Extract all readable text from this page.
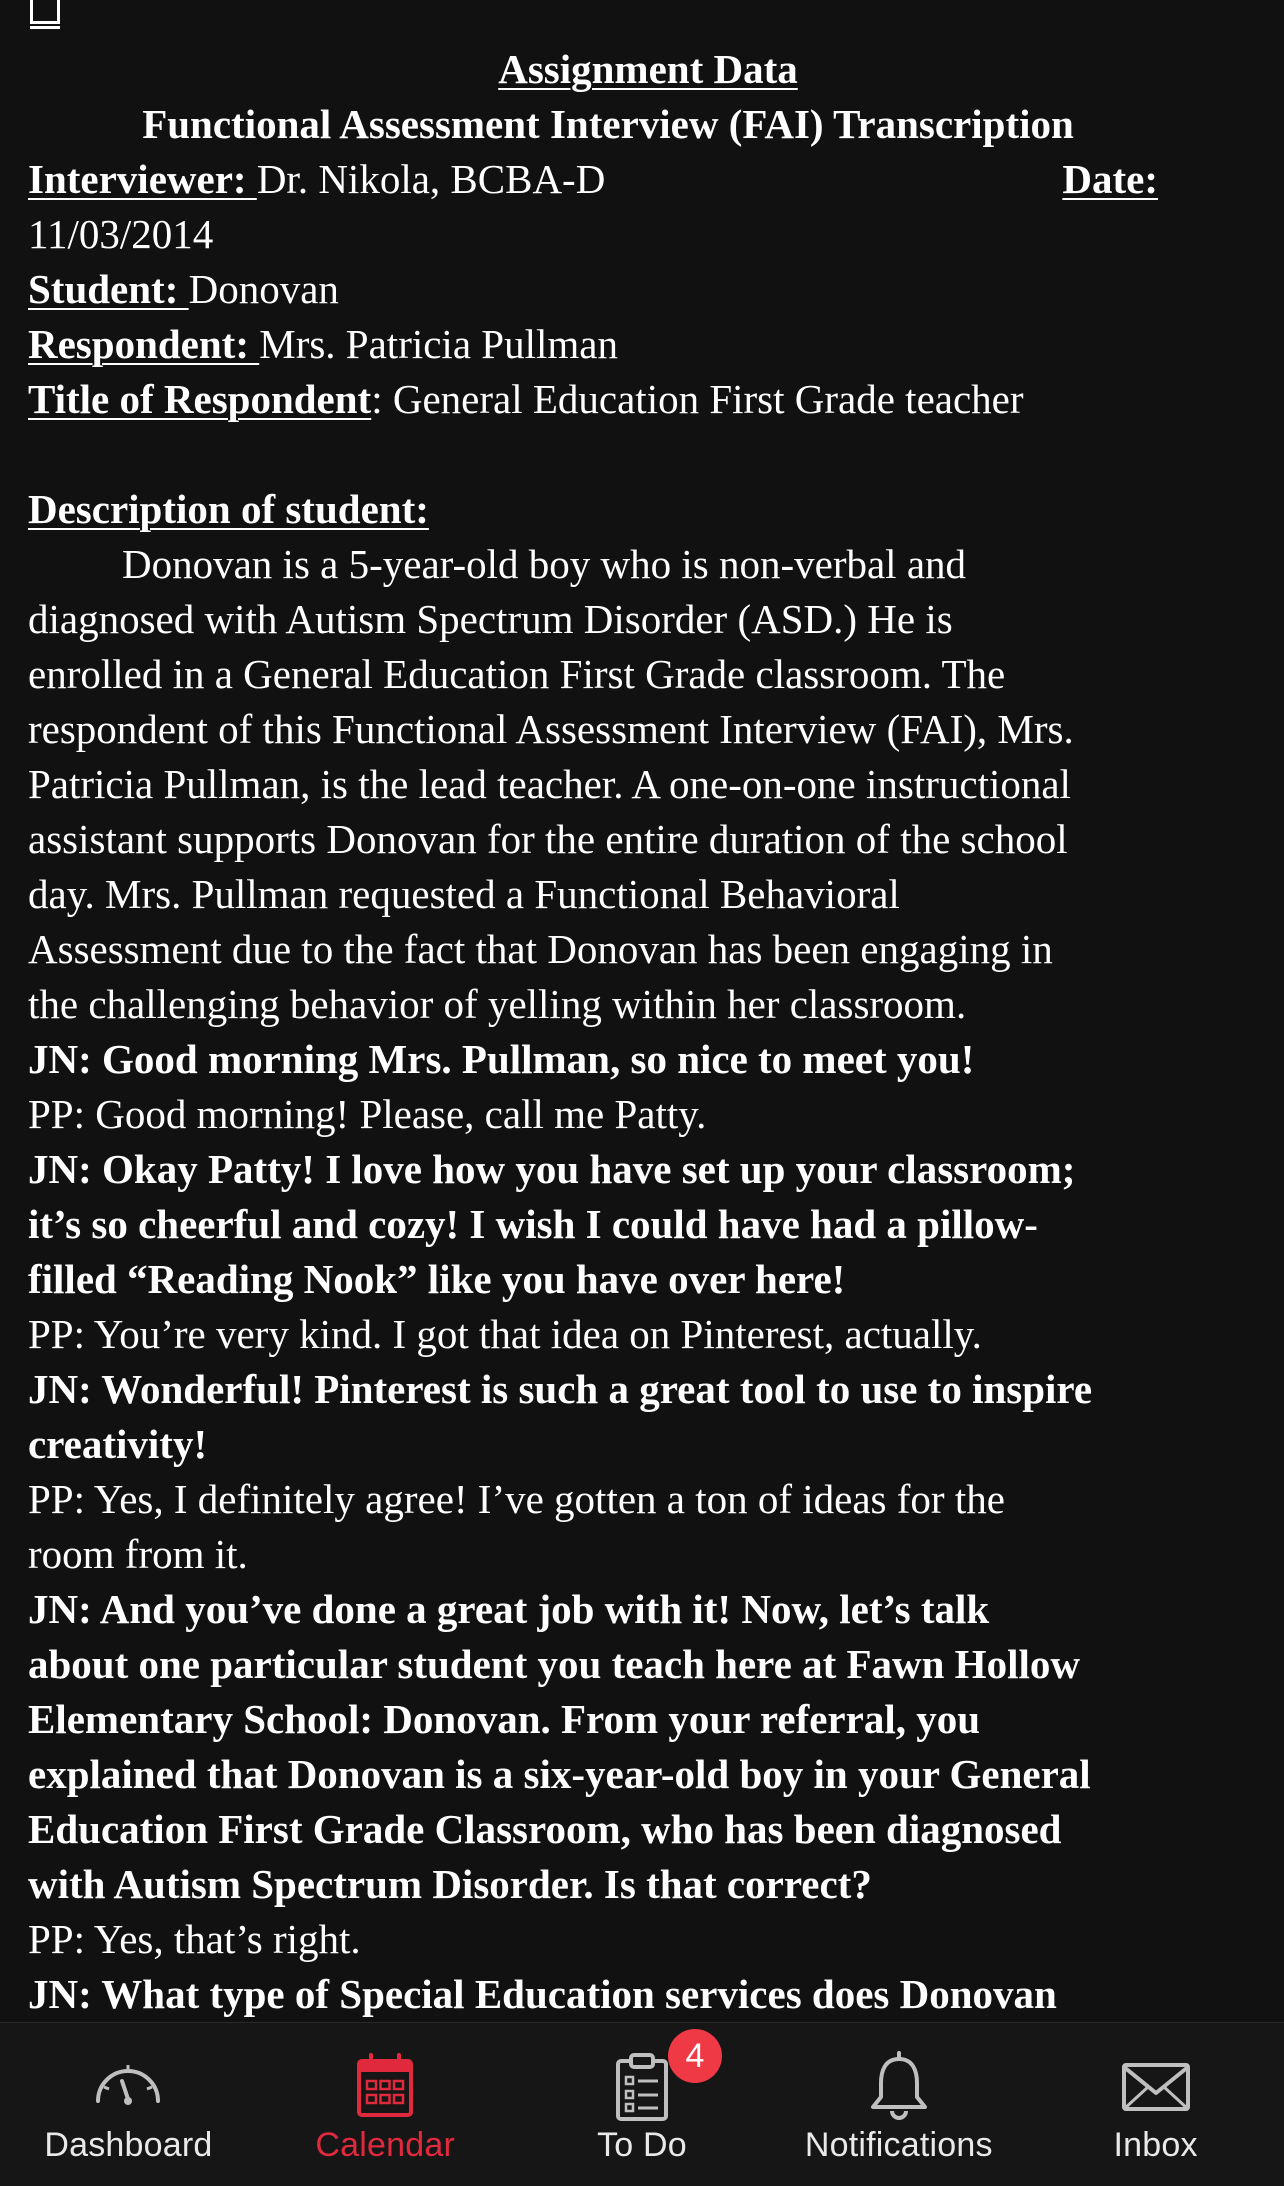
Assignment Data
Functional Assessment Interview (FAI) Transcription
Interviewer: Dr. Nikola, BCBA-D	Date:
11/03/2014
Student: Donovan
Respondent: Mrs. Patricia Pullman
Title of Respondent: General Education First Grade teacher
Description of student:
Donovan is a 5-year-old boy who is non-verbal and
diagnosed with Autism Spectrum Disorder (ASD.) He is
enrolled in a General Education First Grade classroom. The
respondent of this Functional Assessment Interview (FAI), Mrs.
Patricia Pullman, is the lead teacher. A one-on-one instructional
assistant supports Donovan for the entire duration of the school
day. Mrs. Pullman requested a Functional Behavioral
Assessment due to the fact that Donovan has been engaging in
the challenging behavior of yelling within her classroom.
JN: Good morning Mrs. Pullman, so nice to meet you!
PP: Good morning! Please, call me Patty.
JN: Okay Patty! I love how you have set up your classroom;
it’s so cheerful and cozy! I wish I could have had a pillow-
filled “Reading Nook” like you have over here!
PP: You’re very kind. I got that idea on Pinterest, actually.
JN: Wonderful! Pinterest is such a great tool to use to inspire
creativity!
PP: Yes, I definitely agree! I’ve gotten a ton of ideas for the
room from it.
JN: And you’ve done a great job with it! Now, let’s talk
about one particular student you teach here at Fawn Hollow
Elementary School: Donovan. From your referral, you
explained that Donovan is a six-year-old boy in your General
Education First Grade Classroom, who has been diagnosed
with Autism Spectrum Disorder. Is that correct?
PP: Yes, that’s right.
JN: What type of Special Education services does Donovan
Dashboard	Calendar	To Do	Notifications	Inbox
4
